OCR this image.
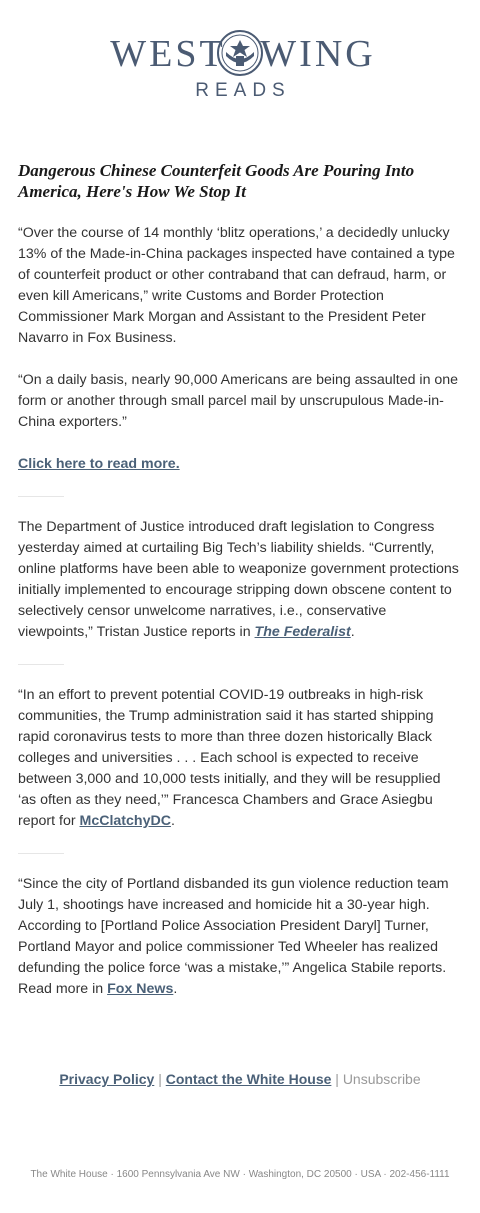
WEST WING
READS
Dangerous Chinese Counterfeit Goods Are Pouring Into America, Here's How We Stop It

“Over the course of 14 monthly ‘blitz operations,’ a decidedly unlucky 13% of the Made-in-China packages inspected have contained a type of counterfeit product or other contraband that can defraud, harm, or even kill Americans,” write Customs and Border Protection Commissioner Mark Morgan and Assistant to the President Peter Navarro in Fox Business.

“On a daily basis, nearly 90,000 Americans are being assaulted in one form or another through small parcel mail by unscrupulous Made-in-China exporters.”

Click here to read more.

The Department of Justice introduced draft legislation to Congress yesterday aimed at curtailing Big Tech’s liability shields. “Currently, online platforms have been able to weaponize government protections initially implemented to encourage stripping down obscene content to selectively censor unwelcome narratives, i.e., conservative viewpoints,” Tristan Justice reports in The Federalist.

“In an effort to prevent potential COVID-19 outbreaks in high-risk communities, the Trump administration said it has started shipping rapid coronavirus tests to more than three dozen historically Black colleges and universities . . . Each school is expected to receive between 3,000 and 10,000 tests initially, and they will be resupplied ‘as often as they need,’” Francesca Chambers and Grace Asiegbu report for McClatchyDC.

“Since the city of Portland disbanded its gun violence reduction team July 1, shootings have increased and homicide hit a 30-year high. According to [Portland Police Association President Daryl] Turner, Portland Mayor and police commissioner Ted Wheeler has realized defunding the police force ‘was a mistake,’” Angelica Stabile reports. Read more in Fox News.

Privacy Policy | Contact the White House | Unsubscribe
The White House · 1600 Pennsylvania Ave NW · Washington, DC 20500 · USA · 202-456-1111
